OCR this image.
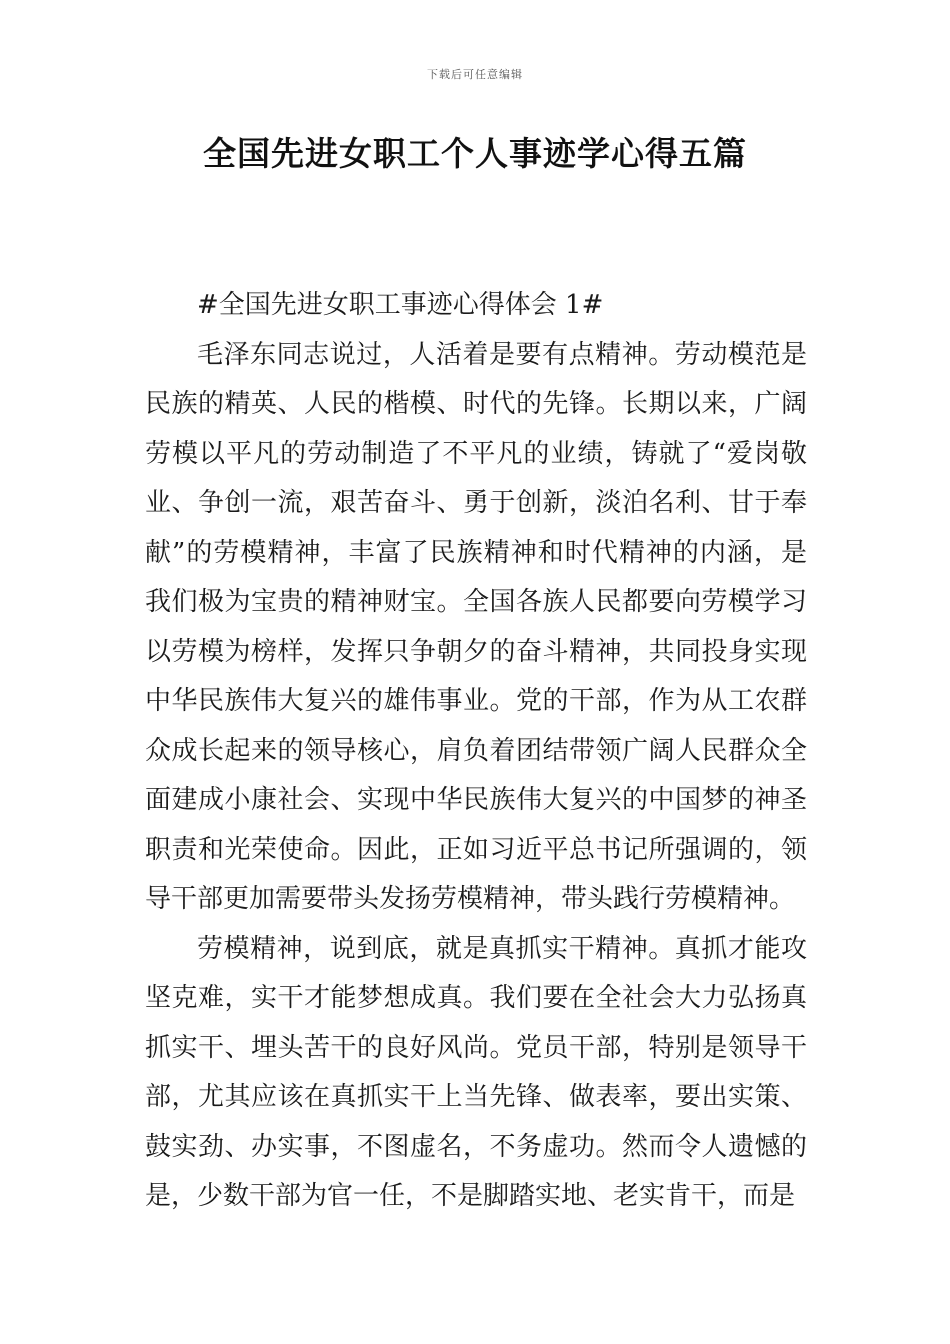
下载后可任意编辑
全国先进女职工个人事迹学心得五篇

#全国先进女职工事迹心得体会 1#

毛泽东同志说过，人活着是要有点精神。劳动模范是民族的精英、人民的楷模、时代的先锋。长期以来，广阔劳模以平凡的劳动制造了不平凡的业绩，铸就了“爱岗敬业、争创一流，艰苦奋斗、勇于创新，淡泊名利、甘于奉献”的劳模精神，丰富了民族精神和时代精神的内涵，是我们极为宝贵的精神财宝。全国各族人民都要向劳模学习以劳模为榜样，发挥只争朝夕的奋斗精神，共同投身实现中华民族伟大复兴的雄伟事业。党的干部，作为从工农群众成长起来的领导核心，肩负着团结带领广阔人民群众全面建成小康社会、实现中华民族伟大复兴的中国梦的神圣职责和光荣使命。因此，正如习近平总书记所强调的，领导干部更加需要带头发扬劳模精神，带头践行劳模精神。

劳模精神，说到底，就是真抓实干精神。真抓才能攻坚克难，实干才能梦想成真。我们要在全社会大力弘扬真抓实干、埋头苦干的良好风尚。党员干部，特别是领导干部，尤其应该在真抓实干上当先锋、做表率，要出实策、鼓实劲、办实事，不图虚名，不务虚功。然而令人遗憾的是，少数干部为官一任，不是脚踏实地、老实肯干，而是
